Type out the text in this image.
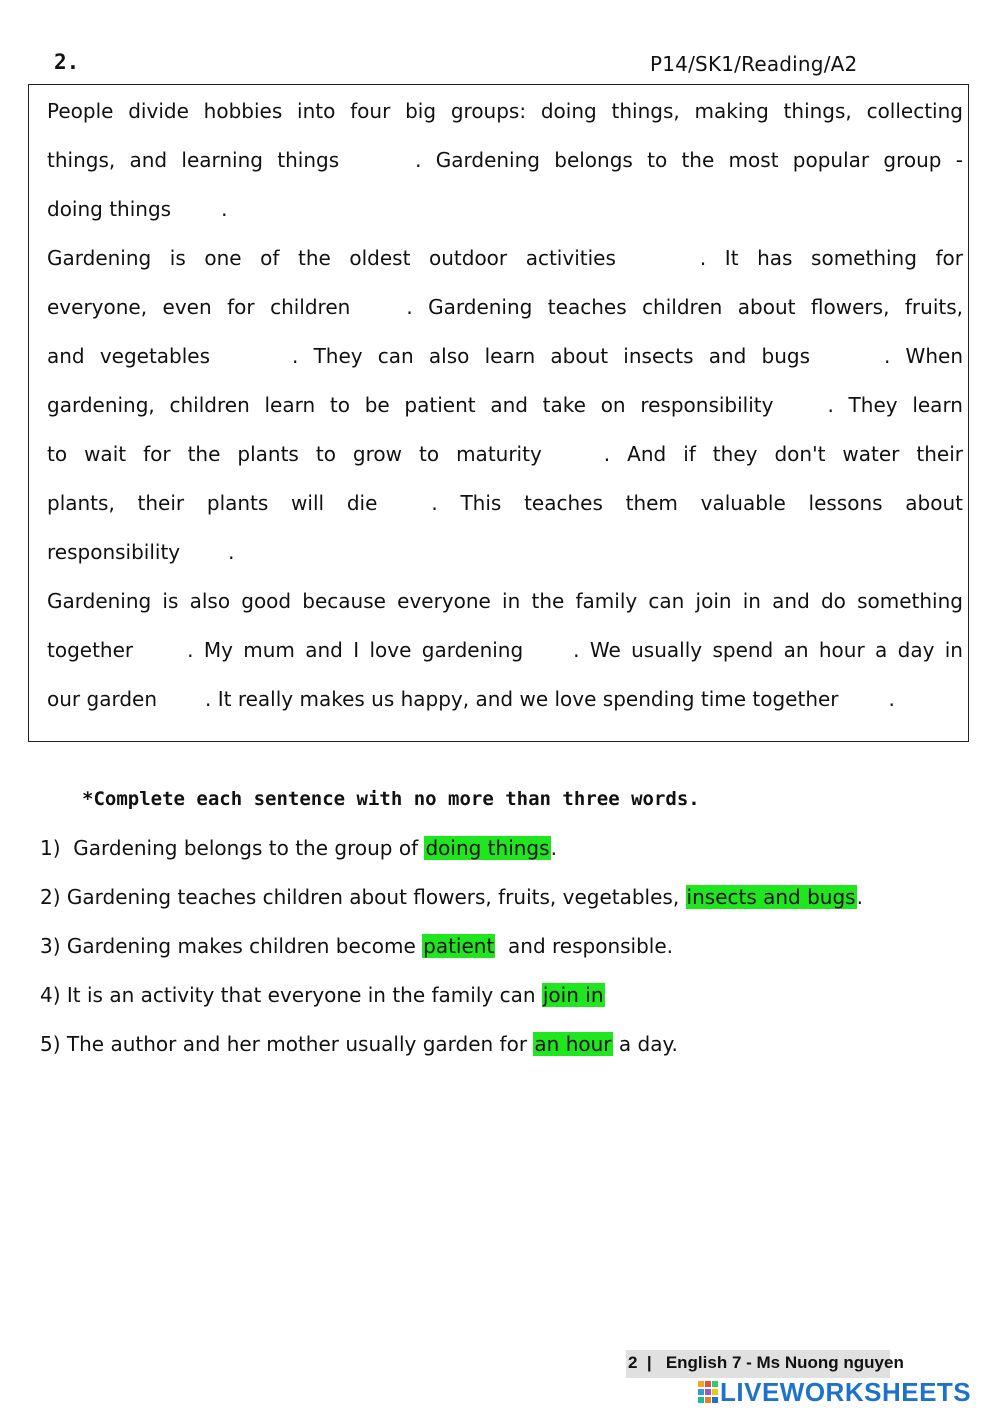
2.	P14/SK1/Reading/A2
People divide hobbies into four big groups: doing things, making things, collecting
things, and learning things	. Gardening belongs to the most popular group -
doing things	.
Gardening is one of the oldest outdoor activities	. It has something for
everyone, even for children	. Gardening teaches children about flowers, fruits,
and vegetables	. They can also learn about insects and bugs	. When
gardening, children learn to be patient and take on responsibility	. They learn
to wait for the plants to grow to maturity	. And if they don't water their
plants, their plants will die	. This teaches them valuable lessons about
responsibility .
Gardening is also good because everyone in the family can join in and do something
together	. My mum and I love gardening	. We usually spend an hour a day in
our garden . It really makes us happy, and we love spending time together	.
*Complete each sentence with no more than three words.
1)  Gardening belongs to the group of doing things.
2) Gardening teaches children about flowers, fruits, vegetables, insects and bugs.
3) Gardening makes children become patient  and responsible.
4) It is an activity that everyone in the family can join in
5) The author and her mother usually garden for an hour a day.
2  |   English 7 - Ms Nuong nguyen
LIVEWORKSHEETS
